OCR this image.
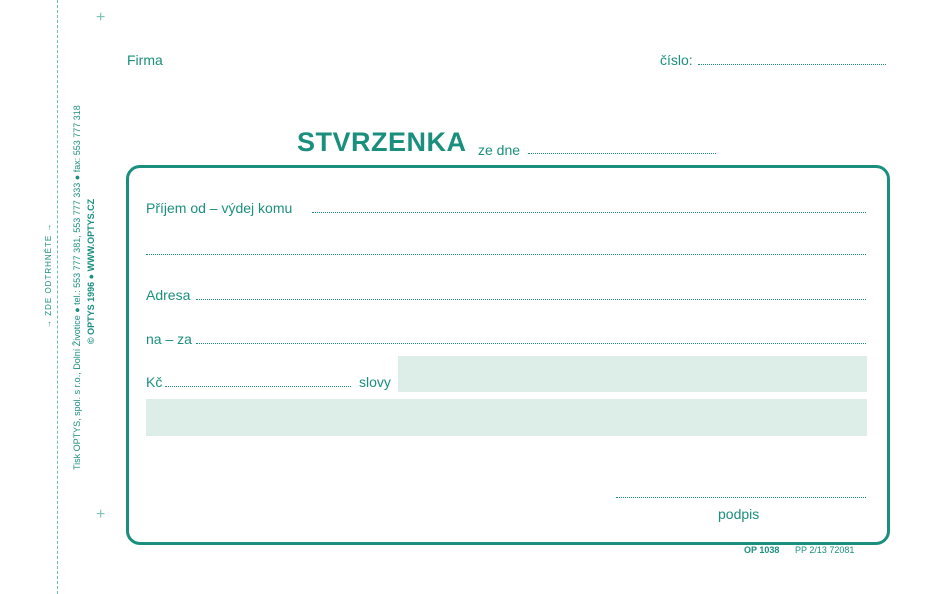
+
+
→ ZDE ODTRHNĚTE → Tisk OPTYS, spol. s r.o., Dolní Životice ● tel.: 553 777 381, 553 777 333 ● fax: 553 777 318 © OPTYS 1996 ● WWW.OPTYS.CZ
Firma	číslo:
STVRZENKA ze dne
Příjem od – výdej komu
Adresa
na – za
Kč	slovy
podpis
OP 1038 PP 2/13 72081
